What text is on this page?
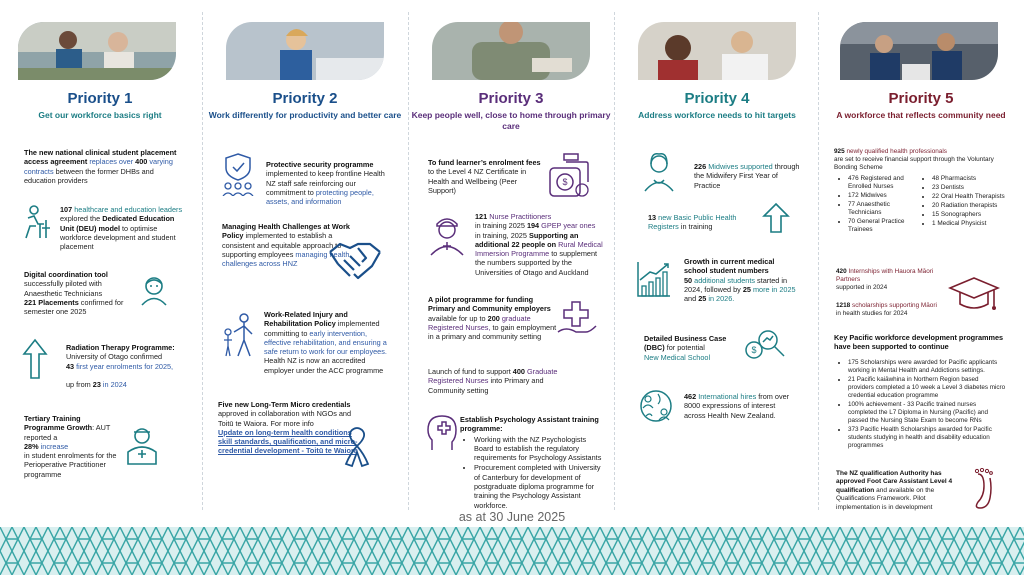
Priority 1
Get our workforce basics right
The new national clinical student placement access agreement replaces over 400 varying contracts between the former DHBs and education providers
107 healthcare and education leaders explored the Dedicated Education Unit (DEU) model to optimise workforce development and student placement
Digital coordination tool
successfully piloted with Anaesthetic Technicians
221 Placements confirmed for semester one 2025
Radiation Therapy Programme:
University of Otago confirmed
43 first year enrolments for 2025,

up from 23 in 2024
Tertiary Training Programme Growth: AUT reported a
28% increase
in student enrolments for the Perioperative Practitioner programme
Priority 2
Work differently for productivity and better care
Protective security programme
implemented to keep frontline Health NZ staff safe reinforcing our commitment to protecting people, assets, and information
Managing Health Challenges at Work Policy implemented to establish a consistent and equitable approach to supporting employees managing health challenges across HNZ
Work-Related Injury and Rehabilitation Policy implemented committing to early intervention, effective rehabilitation, and ensuring a safe return to work for our employees. Health NZ is now an accredited employer under the ACC programme
Five new Long-Term Micro credentials
approved in collaboration with NGOs and Toitū te Waiora. For more info
Update on long-term health conditions skill standards, qualification, and micro-credential development - Toitū te Waiora
Priority 3
Keep people well, close to home through primary care
To fund learner’s enrolment fees to the Level 4 NZ Certificate in Health and Wellbeing (Peer Support)
$
121 Nurse Practitioners
in training 2025 194 GPEP year ones in training, 2025 Supporting an additional 22 people on Rural Medical Immersion Programme to supplement the numbers supported by the Universities of Otago and Auckland
A pilot programme for funding Primary and Community employers available for up to 200 graduate Registered Nurses, to gain employment in a primary and community setting
Launch of fund to support 400 Graduate Registered Nurses into Primary and Community setting
Establish Psychology Assistant training programme:
• Working with the NZ Psychologists Board to establish the regulatory requirements for Psychology Assistants
• Procurement completed with University of Canterbury for development of postgraduate diploma programme for training the Psychology Assistant workforce.
Priority 4
Address workforce needs to hit targets
226 Midwives supported through the Midwifery First Year of Practice
13 new Basic Public Health Registers in training
Growth in current medical school student numbers
50 additional students started in 2024, followed by 25 more in 2025 and 25 in 2026.
Detailed Business Case (DBC) for potential
New Medical School
$
462 International hires from over 8000 expressions of interest across Health New Zealand.
Priority 5
A workforce that reflects community need
925 newly qualified health professionals
are set to receive financial support through the Voluntary Bonding Scheme
• 476 Registered and Enrolled Nurses
• 172 Midwives
• 77 Anaesthetic Technicians
• 70 General Practice Trainees
• 48 Pharmacists
• 23 Dentists
• 22 Oral Health Therapists
• 20 Radiation therapists
• 15 Sonographers
• 1 Medical Physicist
420 Internships with Hauora Māori Partners
supported in 2024
1218 scholarships supporting Māori
in health studies for 2024
Key Pacific workforce development programmes have been supported to continue
• 175 Scholarships were awarded for Pacific applicants working in Mental Health and Addictions settings.
• 21 Pacific kaiāwhina in Northern Region based providers completed a 10 week a Level 3 diabetes micro credential education programme
• 100% achievement - 33 Pacific trained nurses completed the L7 Diploma in Nursing (Pacific) and passed the Nursing State Exam to become RNs
• 373 Pacific Health Scholarships awarded for Pacific students studying in health and disability education programmes
The NZ qualification Authority has approved Foot Care Assistant Level 4 qualification and available on the Qualifications Framework. Pilot implementation is in development
as at 30 June 2025
